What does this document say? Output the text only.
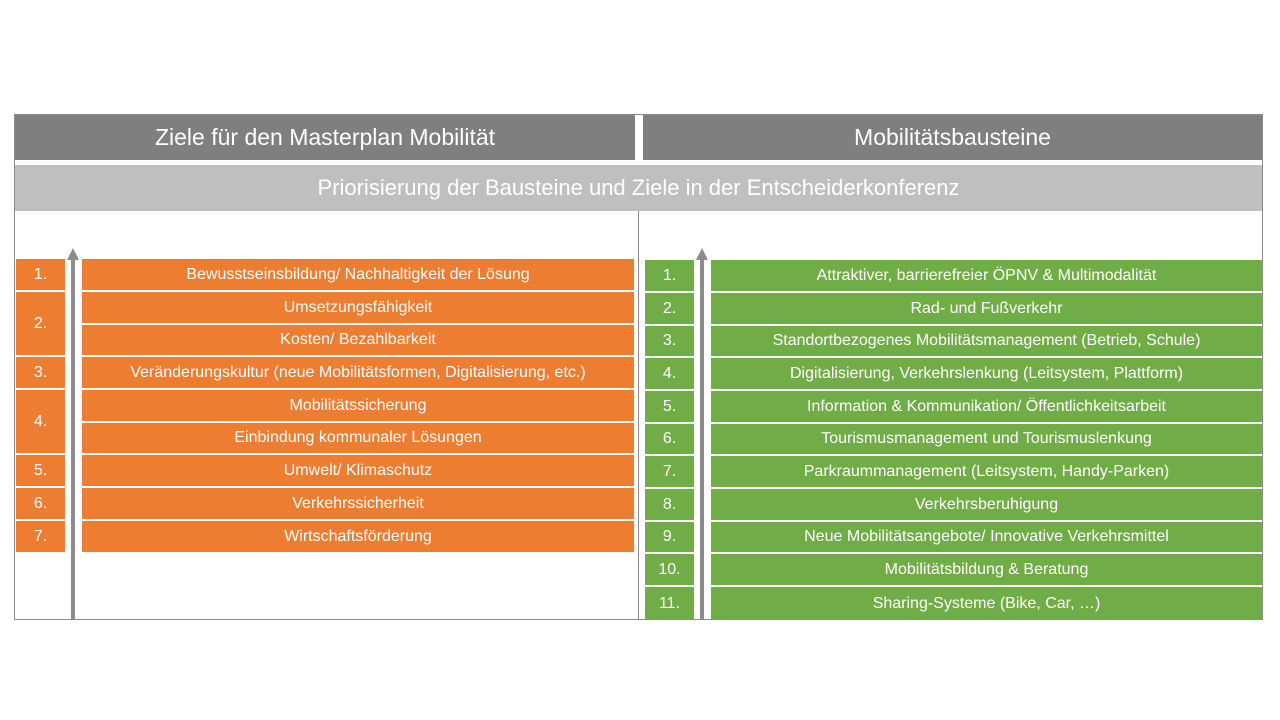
Ziele für den Masterplan Mobilität	Mobilitätsbausteine
Priorisierung der Bausteine und Ziele in der Entscheiderkonferenz
1.
2.
3.
4.
5.
6.
7.
Bewusstseinsbildung/ Nachhaltigkeit der Lösung
Umsetzungsfähigkeit
Kosten/ Bezahlbarkeit
Veränderungskultur (neue Mobilitätsformen, Digitalisierung, etc.)
Mobilitätssicherung
Einbindung kommunaler Lösungen
Umwelt/ Klimaschutz
Verkehrssicherheit
Wirtschaftsförderung
1.
2.
3.
4.
5.
6.
7.
8.
9.
10.
11.
Attraktiver, barrierefreier ÖPNV & Multimodalität
Rad- und Fußverkehr
Standortbezogenes Mobilitätsmanagement (Betrieb, Schule)
Digitalisierung, Verkehrslenkung (Leitsystem, Plattform)
Information & Kommunikation/ Öffentlichkeitsarbeit
Tourismusmanagement und Tourismuslenkung
Parkraummanagement (Leitsystem, Handy-Parken)
Verkehrsberuhigung
Neue Mobilitätsangebote/ Innovative Verkehrsmittel
Mobilitätsbildung & Beratung
Sharing-Systeme (Bike, Car, …)
